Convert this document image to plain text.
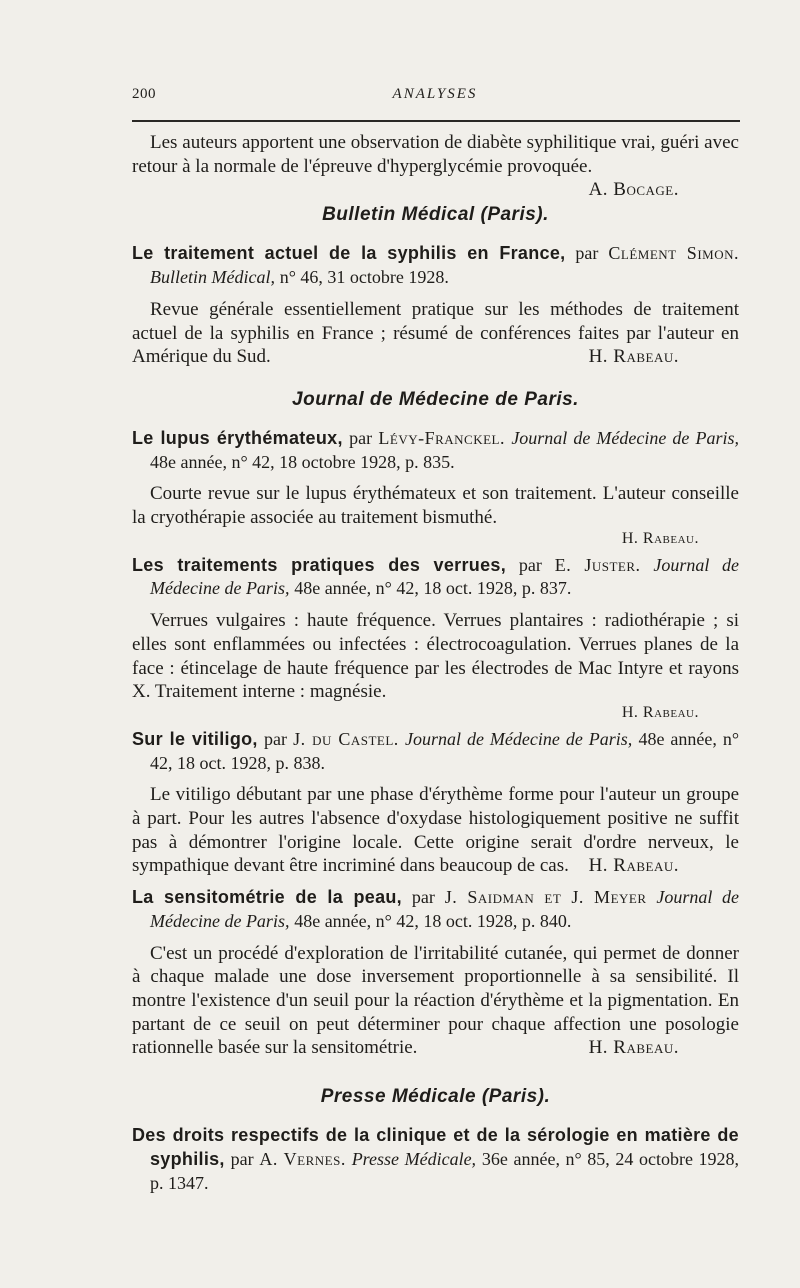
200	ANALYSES

Les auteurs apportent une observation de diabète syphilitique vrai, guéri avec retour à la normale de l'épreuve d'hyperglycémie provoquée.
A. Bocage.

Bulletin Médical (Paris).

Le traitement actuel de la syphilis en France, par Clément Simon. Bulletin Médical, n° 46, 31 octobre 1928.

Revue générale essentiellement pratique sur les méthodes de traitement actuel de la syphilis en France ; résumé de conférences faites par l'auteur en Amérique du Sud.	H. Rabeau.

Journal de Médecine de Paris.

Le lupus érythémateux, par Lévy-Franckel. Journal de Médecine de Paris, 48e année, n° 42, 18 octobre 1928, p. 835.

Courte revue sur le lupus érythémateux et son traitement. L'auteur conseille la cryothérapie associée au traitement bismuthé.

H. Rabeau.

Les traitements pratiques des verrues, par E. Juster. Journal de Médecine de Paris, 48e année, n° 42, 18 oct. 1928, p. 837.

Verrues vulgaires : haute fréquence. Verrues plantaires : radiothérapie ; si elles sont enflammées ou infectées : électrocoagulation. Verrues planes de la face : étincelage de haute fréquence par les électrodes de Mac Intyre et rayons X. Traitement interne : magnésie.

H. Rabeau.

Sur le vitiligo, par J. du Castel. Journal de Médecine de Paris, 48e année, n° 42, 18 oct. 1928, p. 838.

Le vitiligo débutant par une phase d'érythème forme pour l'auteur un groupe à part. Pour les autres l'absence d'oxydase histologiquement positive ne suffit pas à démontrer l'origine locale. Cette origine serait d'ordre nerveux, le sympathique devant être incriminé dans beaucoup de cas.	H. Rabeau.

La sensitométrie de la peau, par J. Saidman et J. Meyer Journal de Médecine de Paris, 48e année, n° 42, 18 oct. 1928, p. 840.

C'est un procédé d'exploration de l'irritabilité cutanée, qui permet de donner à chaque malade une dose inversement proportionnelle à sa sensibilité. Il montre l'existence d'un seuil pour la réaction d'érythème et la pigmentation. En partant de ce seuil on peut déterminer pour chaque affection une posologie rationnelle basée sur la sensitométrie.	H. Rabeau.

Presse Médicale (Paris).

Des droits respectifs de la clinique et de la sérologie en matière de syphilis, par A. Vernes. Presse Médicale, 36e année, n° 85, 24 octobre 1928, p. 1347.
